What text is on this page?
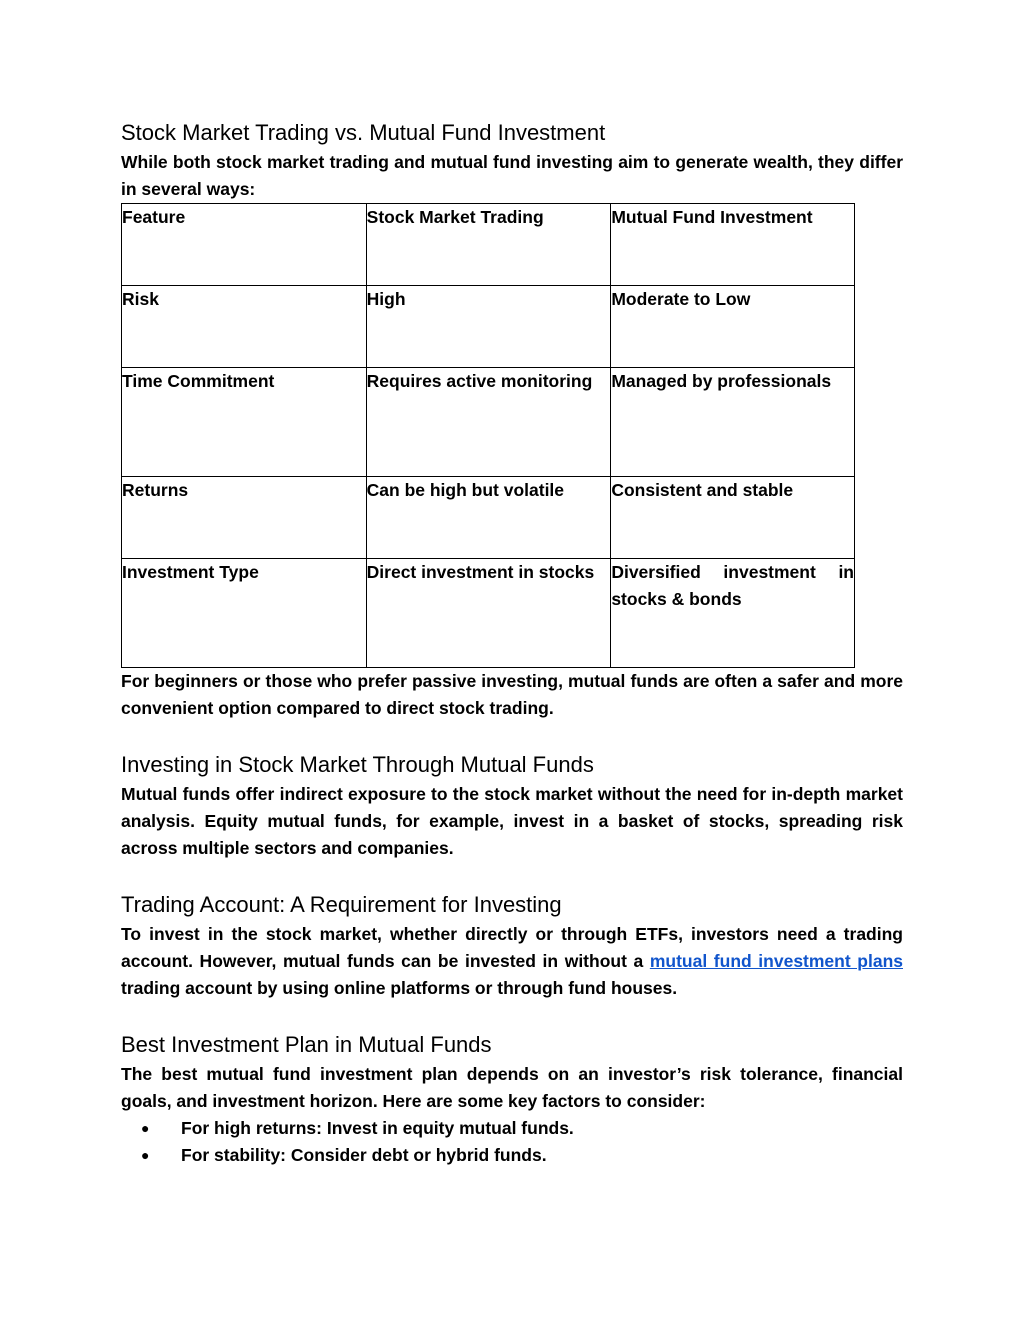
Stock Market Trading vs. Mutual Fund Investment

While both stock market trading and mutual fund investing aim to generate wealth, they differ in several ways:

Feature	Stock Market Trading	Mutual Fund Investment
Risk	High	Moderate to Low
Time Commitment	Requires active monitoring	Managed by professionals
Returns	Can be high but volatile	Consistent and stable
Investment Type	Direct investment in stocks	Diversified investment in stocks & bonds

For beginners or those who prefer passive investing, mutual funds are often a safer and more convenient option compared to direct stock trading.

Investing in Stock Market Through Mutual Funds

Mutual funds offer indirect exposure to the stock market without the need for in-depth market analysis. Equity mutual funds, for example, invest in a basket of stocks, spreading risk across multiple sectors and companies.

Trading Account: A Requirement for Investing

To invest in the stock market, whether directly or through ETFs, investors need a trading account. However, mutual funds can be invested in without a mutual fund investment plans trading account by using online platforms or through fund houses.

Best Investment Plan in Mutual Funds

The best mutual fund investment plan depends on an investor’s risk tolerance, financial goals, and investment horizon. Here are some key factors to consider:

● For high returns: Invest in equity mutual funds.
● For stability: Consider debt or hybrid funds.
